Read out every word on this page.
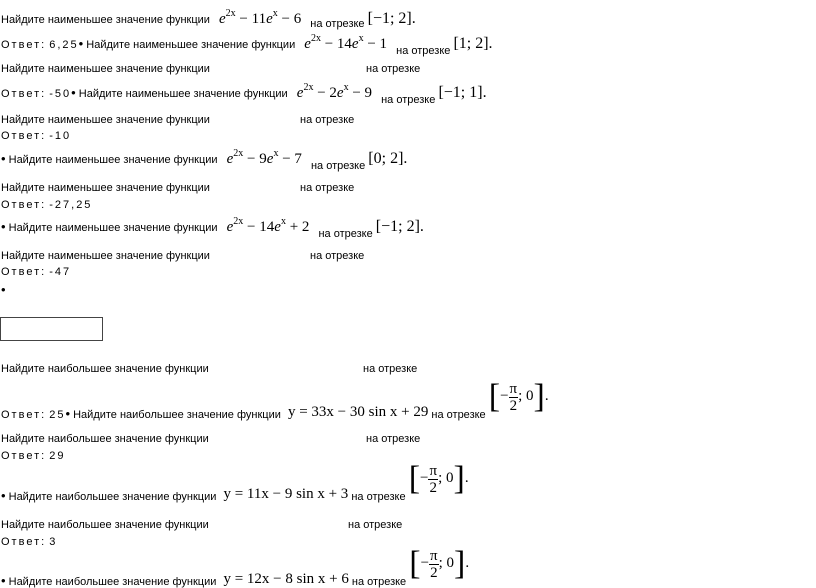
Найдите наименьшее значение функции $e^{2x} - 11e^x - 6$ на отрезке [−1; 2].
Ответ: 6,25• Найдите наименьшее значение функции $e^{2x} - 14e^x - 1$ на отрезке [1; 2].
Найдите наименьшее значение функции	на отрезке
Ответ: -50• Найдите наименьшее значение функции $e^{2x} - 2e^x - 9$ на отрезке [−1; 1].
Найдите наименьшее значение функции	на отрезке
Ответ: -10
• Найдите наименьшее значение функции $e^{2x} - 9e^x - 7$ на отрезке [0; 2].
Найдите наименьшее значение функции	на отрезке
Ответ: -27,25
• Найдите наименьшее значение функции $e^{2x} - 14e^x + 2$ на отрезке [−1; 2].
Найдите наименьшее значение функции	на отрезке
Ответ: -47
•
Найдите наибольшее значение функции	на отрезке
Ответ: 25• Найдите наибольшее значение функции y = 33x − 30 sin x + 29 на отрезке [− $\frac{\pi}{2}$ ; 0].
Найдите наибольшее значение функции	на отрезке
Ответ: 29
• Найдите наибольшее значение функции y = 11x − 9 sin x + 3 на отрезке [− $\frac{\pi}{2}$ ; 0].
Найдите наибольшее значение функции	на отрезке
Ответ: 3
• Найдите наибольшее значение функции y = 12x − 8 sin x + 6 на отрезке [− $\frac{\pi}{2}$ ; 0].
